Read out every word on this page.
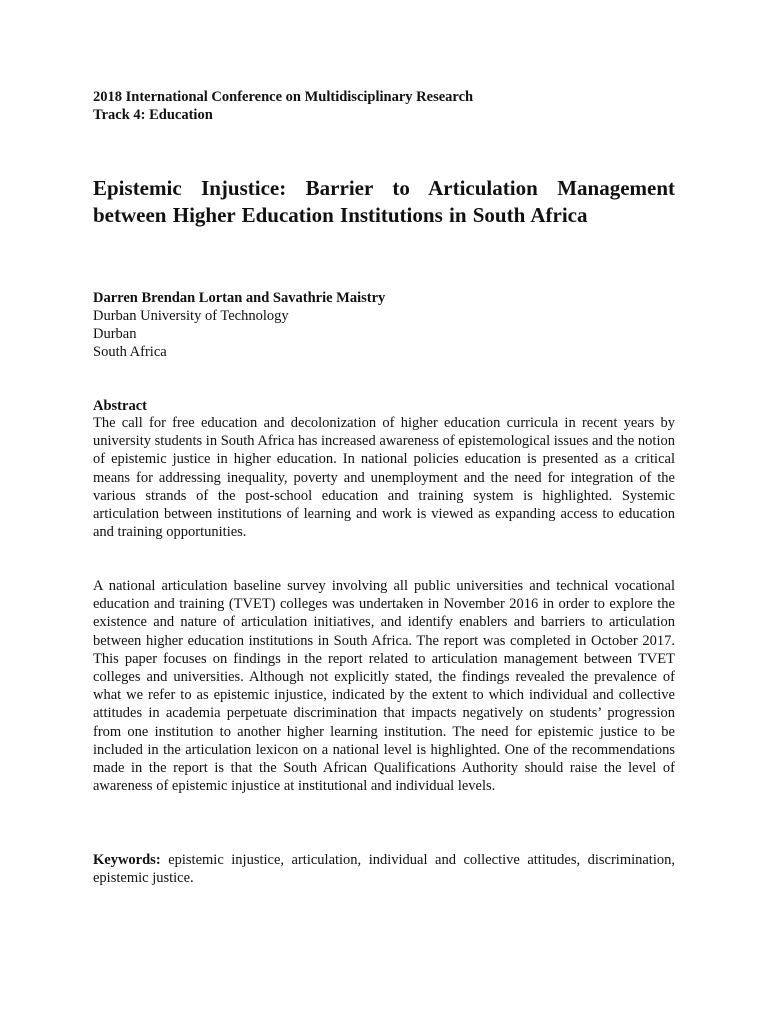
2018 International Conference on Multidisciplinary Research
Track 4: Education
Epistemic Injustice: Barrier to Articulation Management between Higher Education Institutions in South Africa
Darren Brendan Lortan and Savathrie Maistry
Durban University of Technology
Durban
South Africa
Abstract
The call for free education and decolonization of higher education curricula in recent years by university students in South Africa has increased awareness of epistemological issues and the notion of epistemic justice in higher education. In national policies education is presented as a critical means for addressing inequality, poverty and unemployment and the need for integration of the various strands of the post-school education and training system is highlighted. Systemic articulation between institutions of learning and work is viewed as expanding access to education and training opportunities.
A national articulation baseline survey involving all public universities and technical vocational education and training (TVET) colleges was undertaken in November 2016 in order to explore the existence and nature of articulation initiatives, and identify enablers and barriers to articulation between higher education institutions in South Africa. The report was completed in October 2017. This paper focuses on findings in the report related to articulation management between TVET colleges and universities. Although not explicitly stated, the findings revealed the prevalence of what we refer to as epistemic injustice, indicated by the extent to which individual and collective attitudes in academia perpetuate discrimination that impacts negatively on students’ progression from one institution to another higher learning institution. The need for epistemic justice to be included in the articulation lexicon on a national level is highlighted. One of the recommendations made in the report is that the South African Qualifications Authority should raise the level of awareness of epistemic injustice at institutional and individual levels.
Keywords: epistemic injustice, articulation, individual and collective attitudes, discrimination, epistemic justice.
